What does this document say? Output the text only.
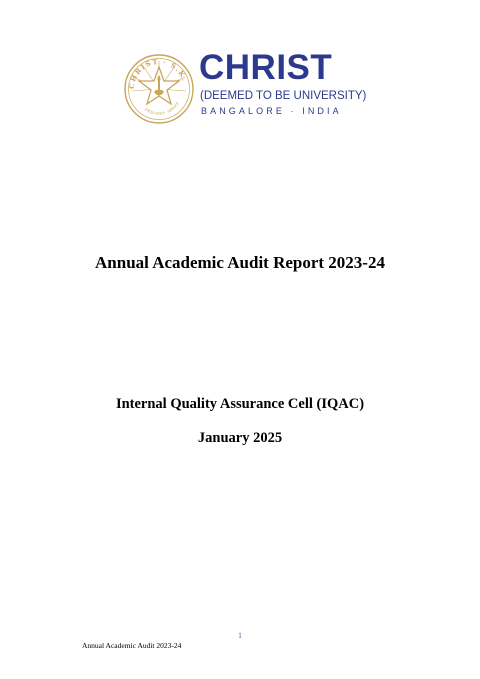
CHRIST · S.K.
EXCELLENCE · SERVICE
CHRIST
(DEEMED TO BE UNIVERSITY)
BANGALORE · INDIA
Annual Academic Audit Report 2023-24
Internal Quality Assurance Cell (IQAC)
January 2025
1
Annual Academic Audit 2023-24
